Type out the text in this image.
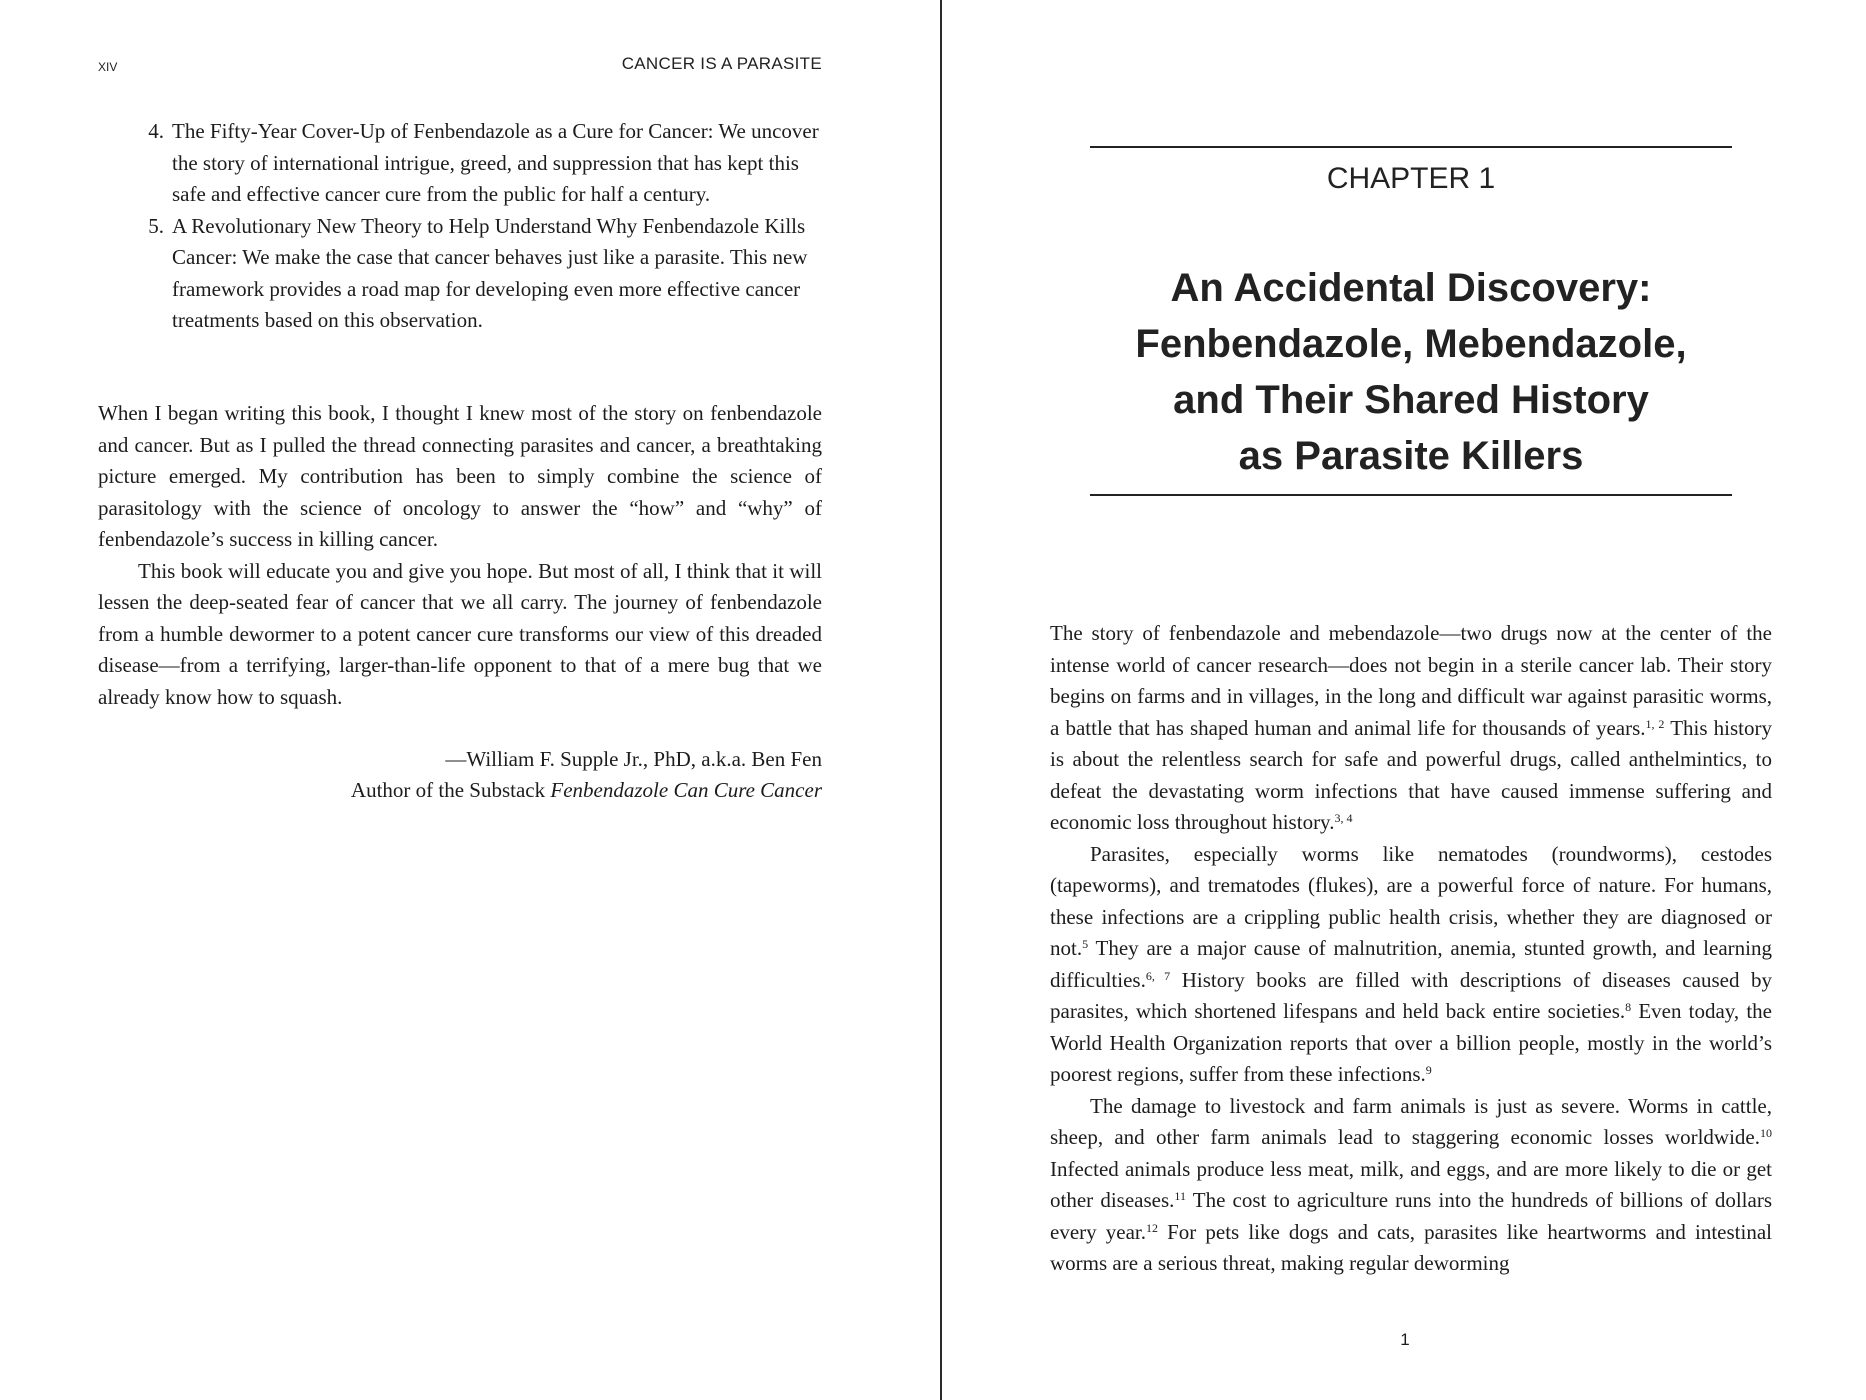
XIV	CANCER IS A PARASITE
4. The Fifty-Year Cover-Up of Fenbendazole as a Cure for Cancer: We uncover the story of international intrigue, greed, and suppression that has kept this safe and effective cancer cure from the public for half a century.
5. A Revolutionary New Theory to Help Understand Why Fenbendazole Kills Cancer: We make the case that cancer behaves just like a parasite. This new framework provides a road map for developing even more effective cancer treatments based on this observation.

When I began writing this book, I thought I knew most of the story on fenbendazole and cancer. But as I pulled the thread connecting parasites and cancer, a breathtaking picture emerged. My contribution has been to simply combine the science of parasitology with the science of oncology to answer the “how” and “why” of fenbendazole’s success in killing cancer.

This book will educate you and give you hope. But most of all, I think that it will lessen the deep-seated fear of cancer that we all carry. The journey of fenbendazole from a humble dewormer to a potent cancer cure transforms our view of this dreaded disease—from a terrifying, larger-than-life opponent to that of a mere bug that we already know how to squash.

—William F. Supple Jr., PhD, a.k.a. Ben Fen
Author of the Substack Fenbendazole Can Cure Cancer
CHAPTER 1
An Accidental Discovery:
Fenbendazole, Mebendazole,
and Their Shared History
as Parasite Killers

The story of fenbendazole and mebendazole—two drugs now at the center of the intense world of cancer research—does not begin in a sterile cancer lab. Their story begins on farms and in villages, in the long and difficult war against parasitic worms, a battle that has shaped human and animal life for thousands of years.$^{1, 2}$ This history is about the relentless search for safe and powerful drugs, called anthelmintics, to defeat the devastating worm infections that have caused immense suffering and economic loss throughout history.$^{3, 4}$

Parasites, especially worms like nematodes (roundworms), cestodes (tapeworms), and trematodes (flukes), are a powerful force of nature. For humans, these infections are a crippling public health crisis, whether they are diagnosed or not.$^5$ They are a major cause of malnutrition, anemia, stunted growth, and learning difficulties.$^{6, 7}$ History books are filled with descriptions of diseases caused by parasites, which shortened lifespans and held back entire societies.$^8$ Even today, the World Health Organization reports that over a billion people, mostly in the world’s poorest regions, suffer from these infections.$^9$

The damage to livestock and farm animals is just as severe. Worms in cattle, sheep, and other farm animals lead to staggering economic losses worldwide.$^{10}$ Infected animals produce less meat, milk, and eggs, and are more likely to die or get other diseases.$^{11}$ The cost to agriculture runs into the hundreds of billions of dollars every year.$^{12}$ For pets like dogs and cats, parasites like heartworms and intestinal worms are a serious threat, making regular deworming

1
